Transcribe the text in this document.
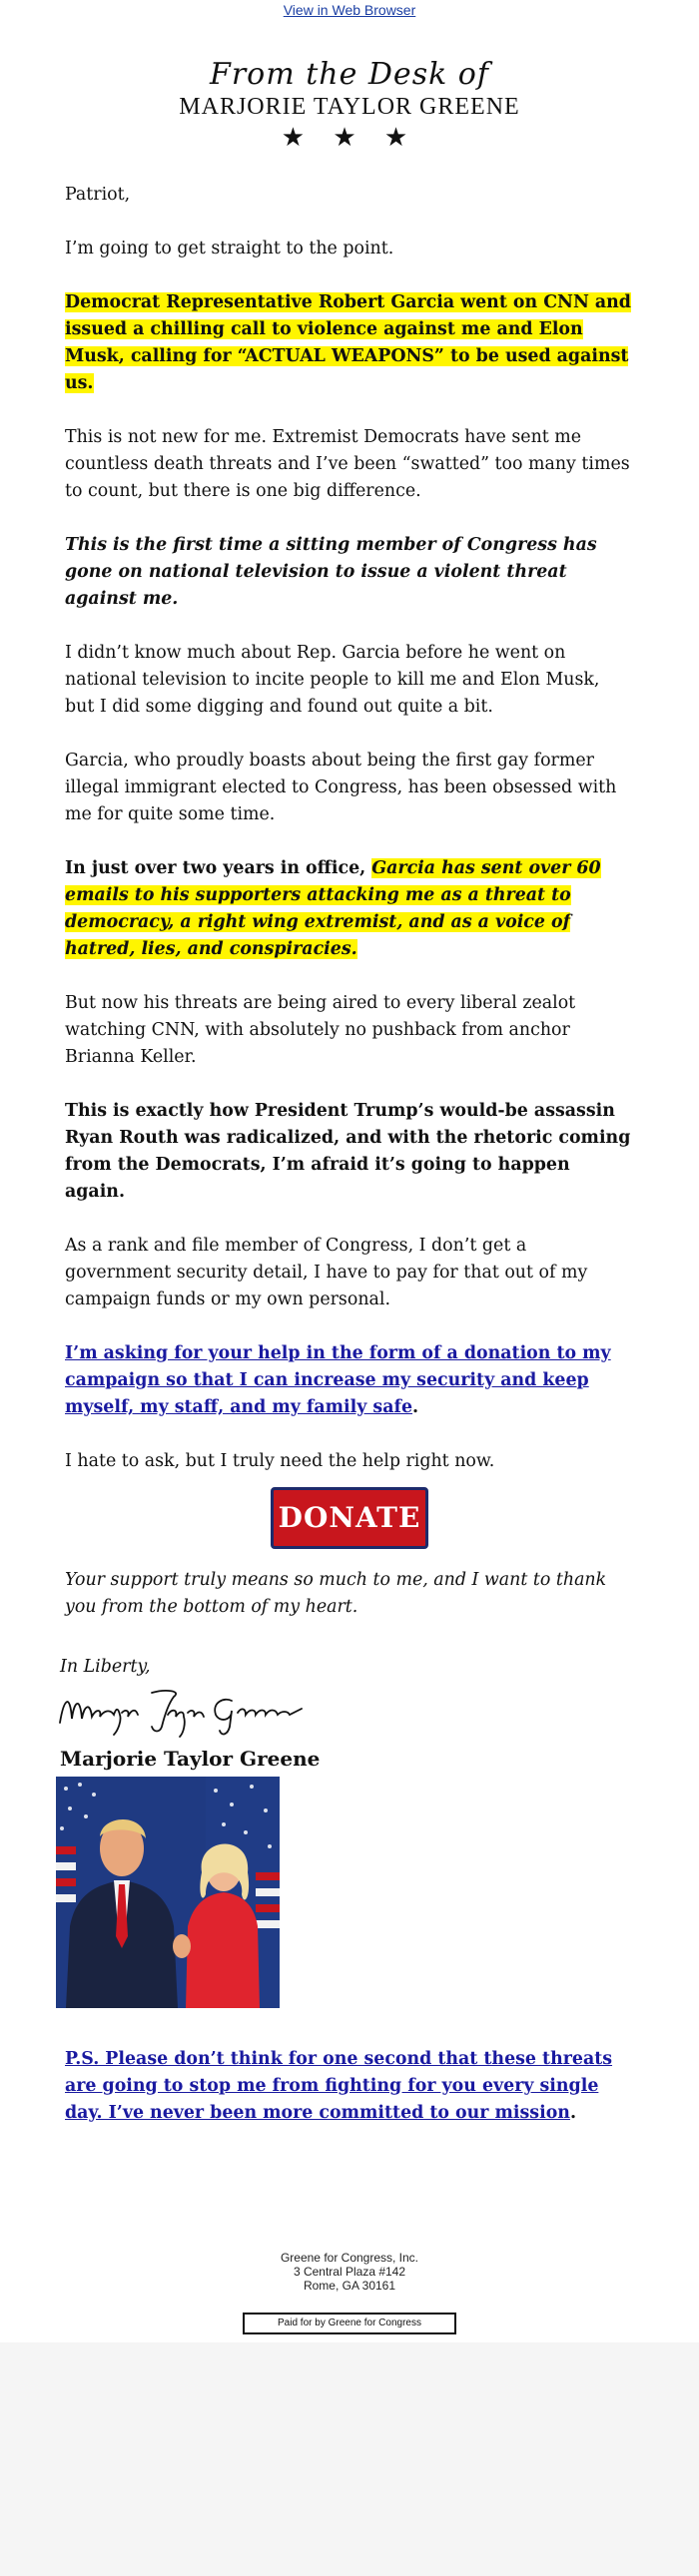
View in Web Browser
From the Desk of
MARJORIE TAYLOR GREENE
★ ★ ★

Patriot,

I’m going to get straight to the point.

Democrat Representative Robert Garcia went on CNN and issued a chilling call to violence against me and Elon Musk, calling for “ACTUAL WEAPONS” to be used against us.

This is not new for me. Extremist Democrats have sent me countless death threats and I’ve been “swatted” too many times to count, but there is one big difference.

This is the first time a sitting member of Congress has gone on national television to issue a violent threat against me.

I didn’t know much about Rep. Garcia before he went on national television to incite people to kill me and Elon Musk, but I did some digging and found out quite a bit.

Garcia, who proudly boasts about being the first gay former illegal immigrant elected to Congress, has been obsessed with me for quite some time.

In just over two years in office, Garcia has sent over 60 emails to his supporters attacking me as a threat to democracy, a right wing extremist, and as a voice of hatred, lies, and conspiracies.

But now his threats are being aired to every liberal zealot watching CNN, with absolutely no pushback from anchor Brianna Keller.

This is exactly how President Trump’s would-be assassin Ryan Routh was radicalized, and with the rhetoric coming from the Democrats, I’m afraid it’s going to happen again.

As a rank and file member of Congress, I don’t get a government security detail, I have to pay for that out of my campaign funds or my own personal.

I’m asking for your help in the form of a donation to my campaign so that I can increase my security and keep myself, my staff, and my family safe.

I hate to ask, but I truly need the help right now.

DONATE

Your support truly means so much to me, and I want to thank you from the bottom of my heart.

In Liberty,
Marjorie Taylor Greene

P.S. Please don’t think for one second that these threats are going to stop me from fighting for you every single day. I’ve never been more committed to our mission.

Greene for Congress, Inc.
3 Central Plaza #142
Rome, GA 30161
Paid for by Greene for Congress
